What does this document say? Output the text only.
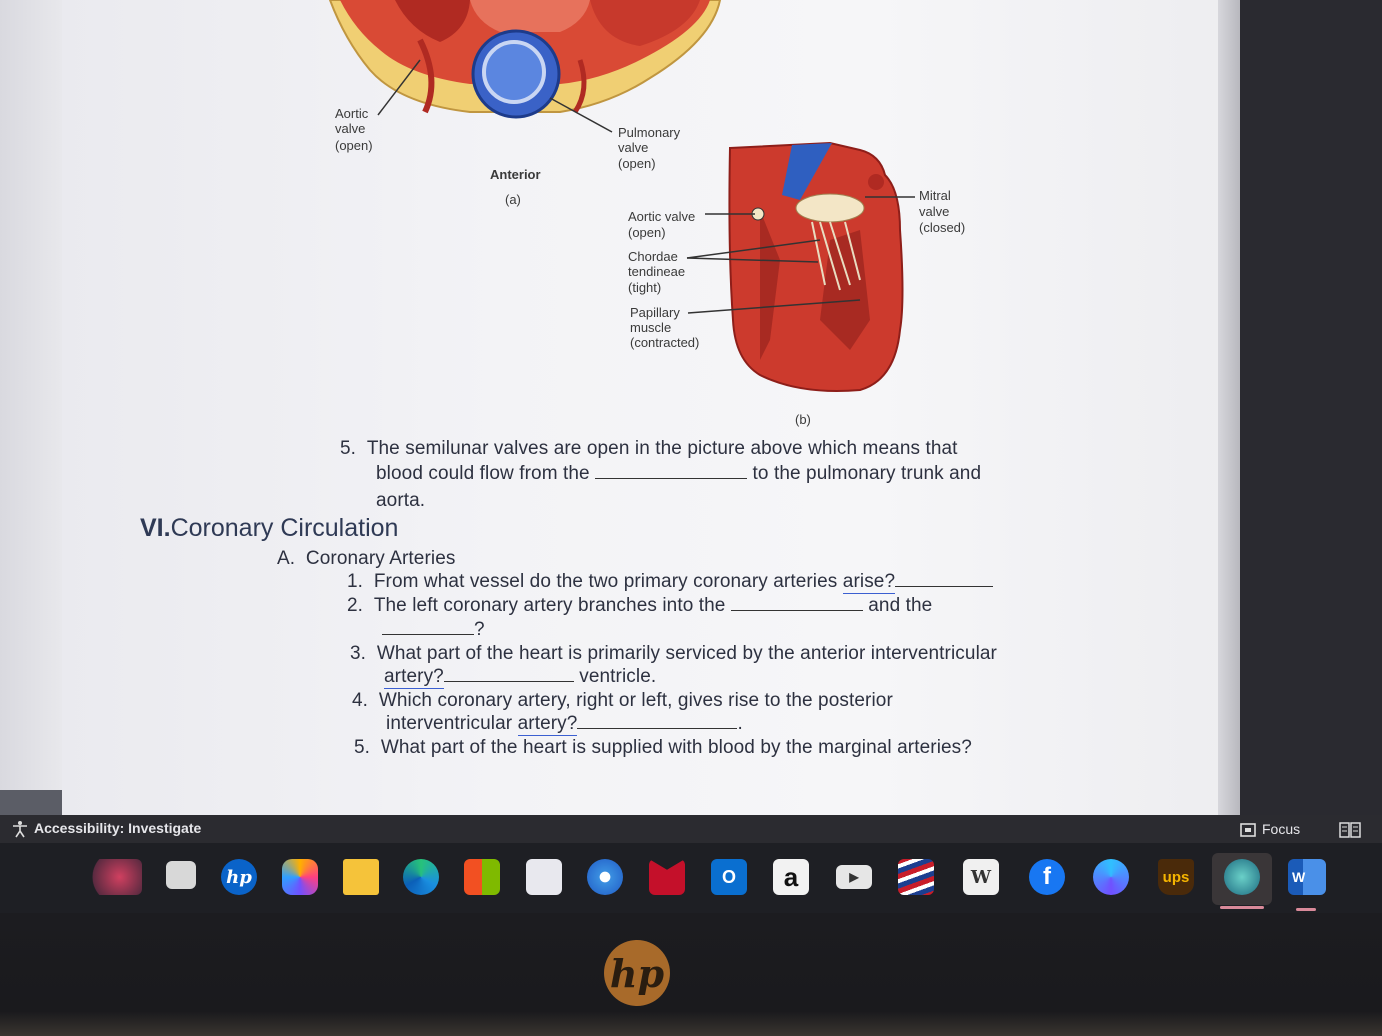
Aortic
valve
(open)
Pulmonary
valve
(open)
Anterior
(a)
Aortic valve
(open)
Chordae
tendineae
(tight)
Papillary
muscle
(contracted)
Mitral
valve
(closed)
(b)
5. The semilunar valves are open in the picture above which means that
blood could flow from the	to the pulmonary trunk and
aorta.
VI.Coronary Circulation
A. Coronary Arteries
1. From what vessel do the two primary coronary arteries arise?
2. The left coronary artery branches into the	and the
?
3. What part of the heart is primarily serviced by the anterior interventricular
artery?	ventricle.
4. Which coronary artery, right or left, gives rise to the posterior
interventricular artery?	.
5. What part of the heart is supplied with blood by the marginal arteries?
Accessibility: Investigate	Focus
hp	O	a	▶	W	f	ups	W
hp
